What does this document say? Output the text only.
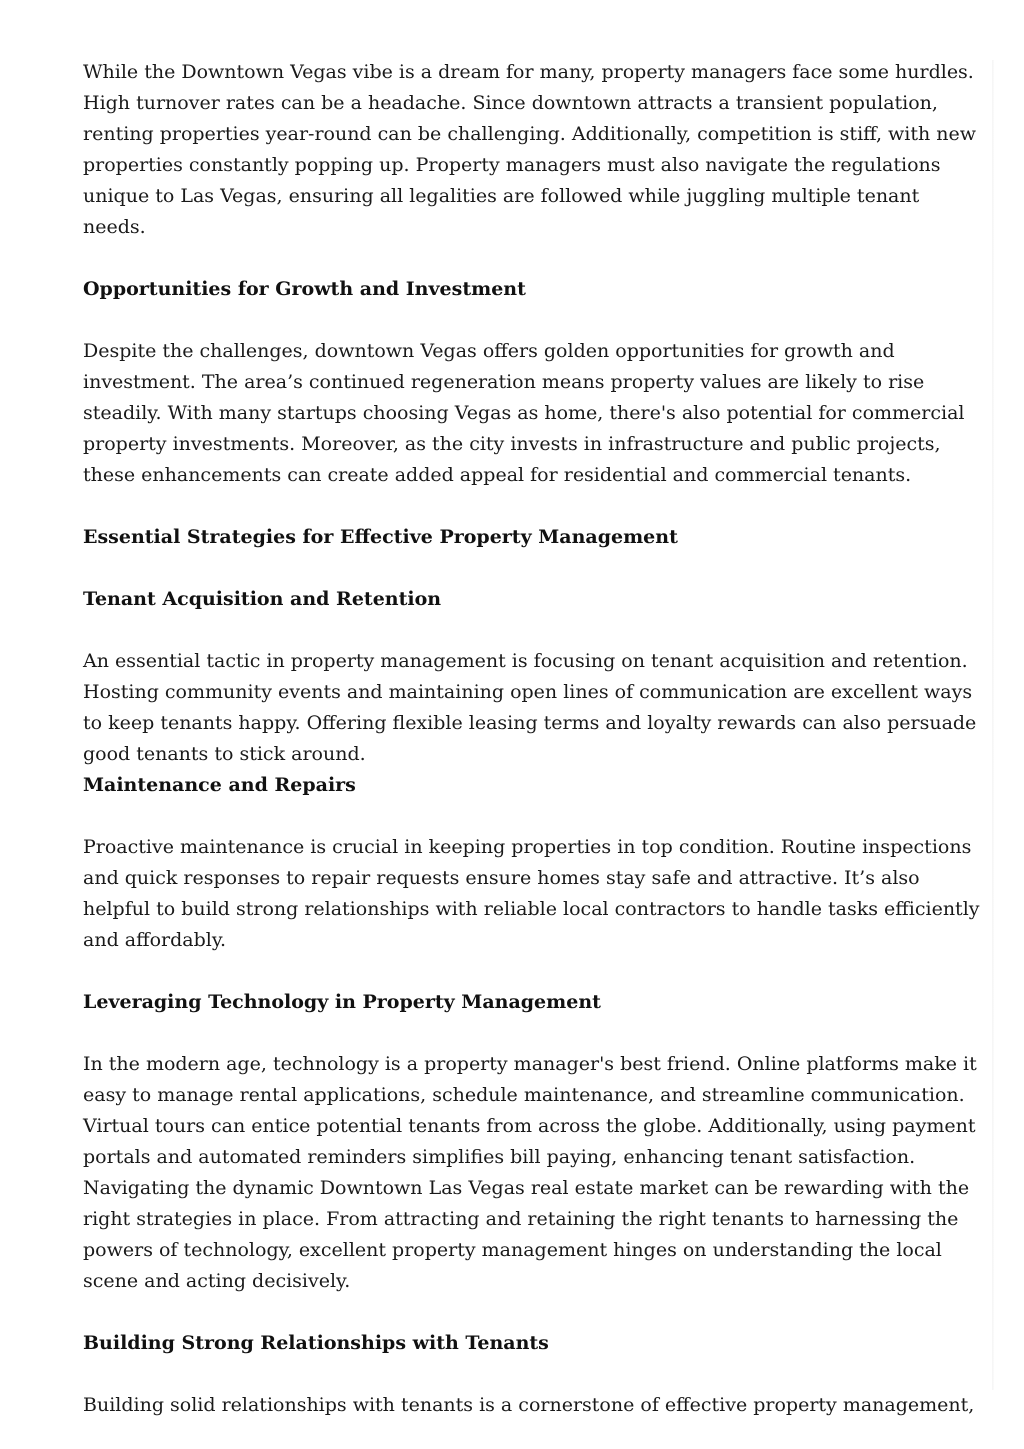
While the Downtown Vegas vibe is a dream for many, property managers face some hurdles. High turnover rates can be a headache. Since downtown attracts a transient population, renting properties year-round can be challenging. Additionally, competition is stiff, with new properties constantly popping up. Property managers must also navigate the regulations unique to Las Vegas, ensuring all legalities are followed while juggling multiple tenant needs.

Opportunities for Growth and Investment

Despite the challenges, downtown Vegas offers golden opportunities for growth and investment. The area’s continued regeneration means property values are likely to rise steadily. With many startups choosing Vegas as home, there's also potential for commercial property investments. Moreover, as the city invests in infrastructure and public projects, these enhancements can create added appeal for residential and commercial tenants.

Essential Strategies for Effective Property Management
Tenant Acquisition and Retention

An essential tactic in property management is focusing on tenant acquisition and retention. Hosting community events and maintaining open lines of communication are excellent ways to keep tenants happy. Offering flexible leasing terms and loyalty rewards can also persuade good tenants to stick around.

Maintenance and Repairs

Proactive maintenance is crucial in keeping properties in top condition. Routine inspections and quick responses to repair requests ensure homes stay safe and attractive. It’s also helpful to build strong relationships with reliable local contractors to handle tasks efficiently and affordably.

Leveraging Technology in Property Management

In the modern age, technology is a property manager's best friend. Online platforms make it easy to manage rental applications, schedule maintenance, and streamline communication. Virtual tours can entice potential tenants from across the globe. Additionally, using payment portals and automated reminders simplifies bill paying, enhancing tenant satisfaction.

Navigating the dynamic Downtown Las Vegas real estate market can be rewarding with the right strategies in place. From attracting and retaining the right tenants to harnessing the powers of technology, excellent property management hinges on understanding the local scene and acting decisively.

Building Strong Relationships with Tenants

Building solid relationships with tenants is a cornerstone of effective property management,
